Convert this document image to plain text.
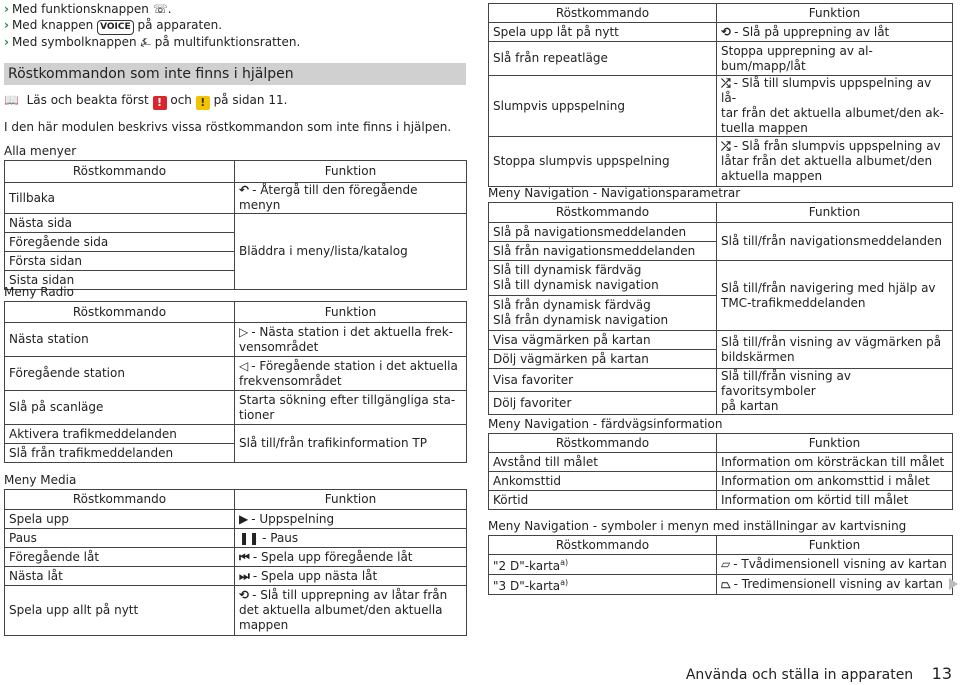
› Med funktionsknappen ☏.
› Med knappen VOICE på apparaten.
› Med symbolknappen ⍼ på multifunktionsratten.
Röstkommandon som inte finns i hjälpen
📖 Läs och beakta först ! och ! på sidan 11.
I den här modulen beskrivs vissa röstkommandon som inte finns i hjälpen.
Alla menyer
Röstkommando	Funktion
Tillbaka	↶ - Återgå till den föregående menyn
Nästa sida	Bläddra i meny/lista/katalog
Föregående sida	
Första sidan	
Sista sidan	
Meny Radio
Röstkommando	Funktion
Nästa station	▷ - Nästa station i det aktuella frek-
vensområdet
Föregående station	◁ - Föregående station i det aktuella
frekvensområdet
Slå på scanläge	Starta sökning efter tillgängliga sta-
tioner
Aktivera trafikmeddelanden	Slå till/från trafikinformation TP
Slå från trafikmeddelanden	
Meny Media
Röstkommando	Funktion
Spela upp	▶ - Uppspelning
Paus	❚❚ - Paus
Föregående låt	⏮ - Spela upp föregående låt
Nästa låt	⏭ - Spela upp nästa låt
Spela upp allt på nytt	⟲ - Slå till upprepning av låtar från
det aktuella albumet/den aktuella
mappen
Röstkommando	Funktion
Spela upp låt på nytt	⟲ - Slå på upprepning av låt
Slå från repeatläge	Stoppa upprepning av al-
bum/mapp/låt
Slumpvis uppspelning	⤮ - Slå till slumpvis uppspelning av lå-
tar från det aktuella albumet/den ak-
tuella mappen
Stoppa slumpvis uppspelning	⤮ - Slå från slumpvis uppspelning av
låtar från det aktuella albumet/den
aktuella mappen
Meny Navigation - Navigationsparametrar
Röstkommando	Funktion
Slå på navigationsmeddelanden	Slå till/från navigationsmeddelanden
Slå från navigationsmeddelanden	
Slå till dynamisk färdväg
Slå till dynamisk navigation	Slå till/från navigering med hjälp av
TMC-trafikmeddelanden
Slå från dynamisk färdväg
Slå från dynamisk navigation	
Visa vägmärken på kartan	Slå till/från visning av vägmärken på
bildskärmen
Dölj vägmärken på kartan	
Visa favoriter	Slå till/från visning av favoritsymboler
på kartan
Dölj favoriter	
Meny Navigation - färdvägsinformation
Röstkommando	Funktion
Avstånd till målet	Information om körsträckan till målet
Ankomsttid	Information om ankomsttid i målet
Körtid	Information om körtid till målet
Meny Navigation - symboler i menyn med inställningar av kartvisning
Röstkommando	Funktion
"2 D"-karta$^{a)}$	▱ - Tvådimensionell visning av kartan
"3 D"-karta$^{a)}$	⏢ - Tredimensionell visning av kartan
Använda och ställa in apparaten 13
